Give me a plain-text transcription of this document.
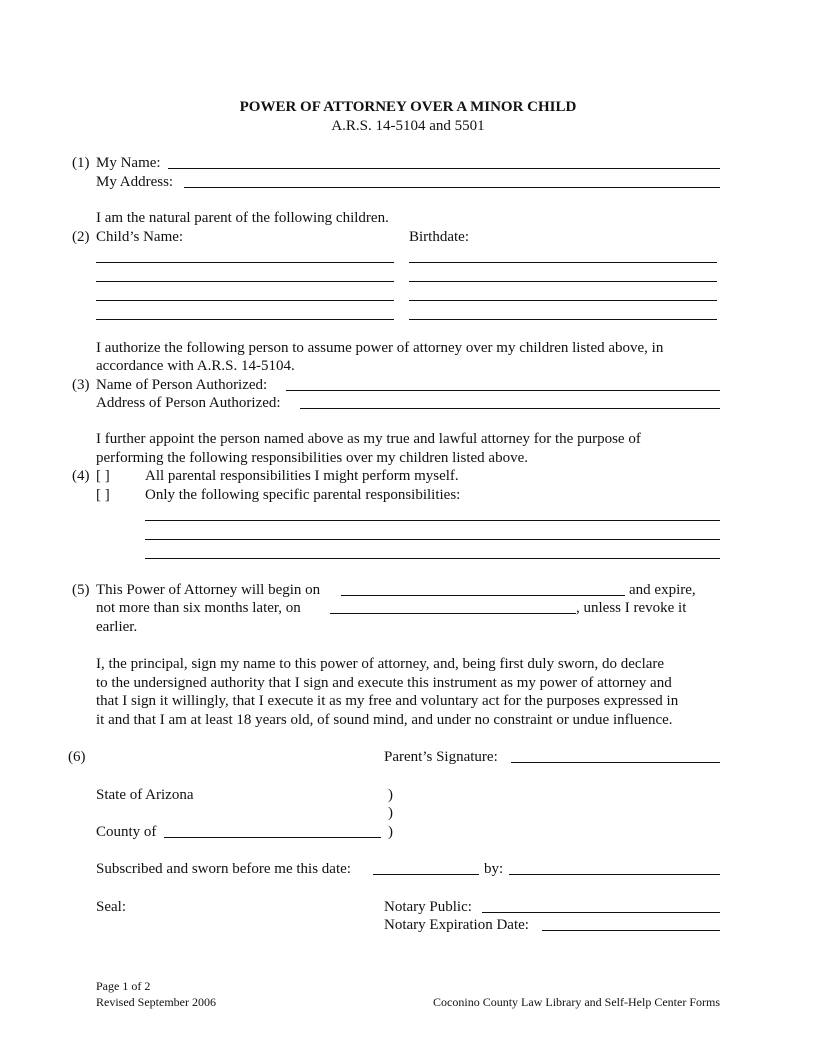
POWER OF ATTORNEY OVER A MINOR CHILD
A.R.S. 14-5104 and 5501
(1) My Name:
My Address:
I am the natural parent of the following children.
(2) Child’s Name:	Birthdate:
I authorize the following person to assume power of attorney over my children listed above, in
accordance with A.R.S. 14-5104.
(3) Name of Person Authorized:
Address of Person Authorized:
I further appoint the person named above as my true and lawful attorney for the purpose of
performing the following responsibilities over my children listed above.
(4) [ ] All parental responsibilities I might perform myself.
[ ] Only the following specific parental responsibilities:
(5) This Power of Attorney will begin on	and expire,
not more than six months later, on	, unless I revoke it
earlier.
I, the principal, sign my name to this power of attorney, and, being first duly sworn, do declare
to the undersigned authority that I sign and execute this instrument as my power of attorney and
that I sign it willingly, that I execute it as my free and voluntary act for the purposes expressed in
it and that I am at least 18 years old, of sound mind, and under no constraint or undue influence.
(6)	Parent’s Signature:
State of Arizona	)
)
County of	)
Subscribed and sworn before me this date:	by:
Seal:	Notary Public:
Notary Expiration Date:
Page 1 of 2
Revised September 2006	Coconino County Law Library and Self-Help Center Forms
